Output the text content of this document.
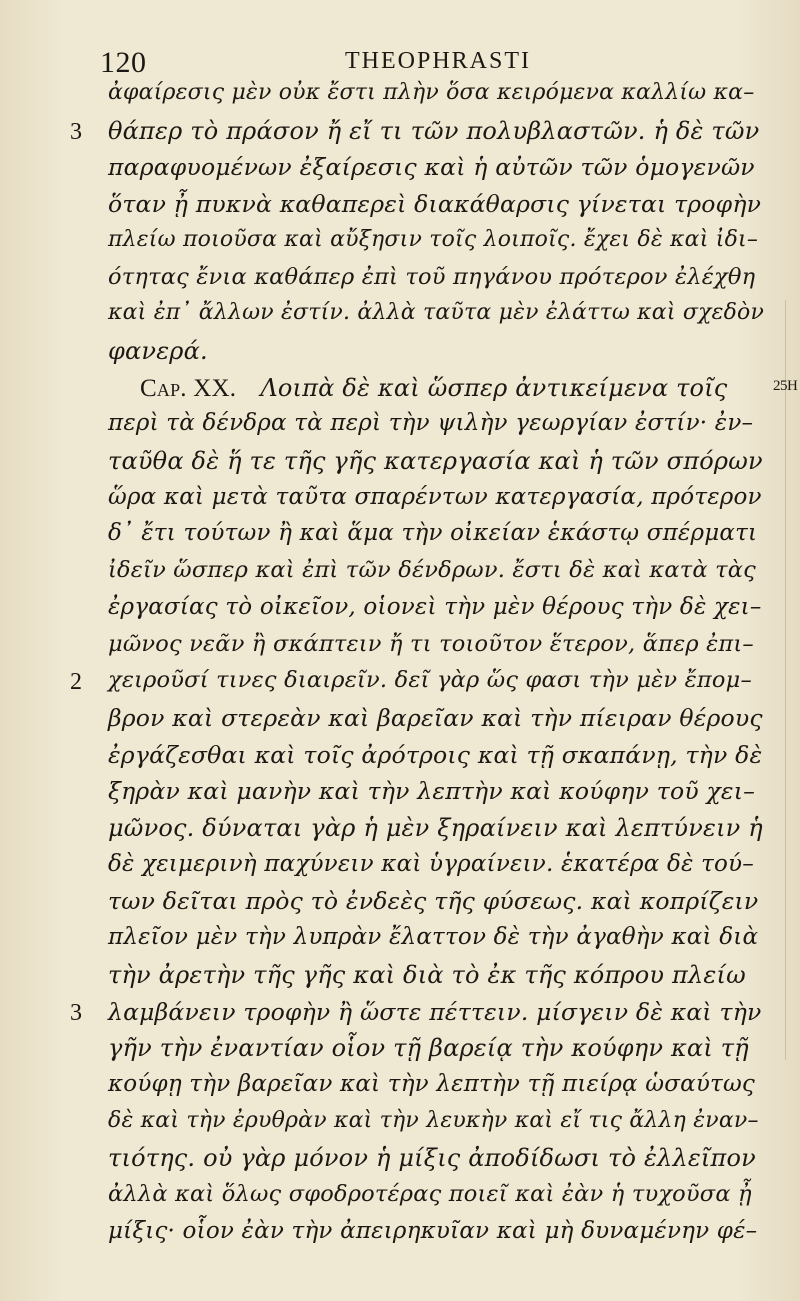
120	THEOPHRASTI
ἀφαίρεσις μὲν οὐκ ἔστι πλὴν ὅσα κειρόμενα καλλίω κα–
3 θάπερ τὸ πράσον ἤ εἴ τι τῶν πολυβλαστῶν. ἡ δὲ τῶν
παραφυομένων ἐξαίρεσις καὶ ἡ αὐτῶν τῶν ὁμογενῶν
ὅταν ᾖ πυκνὰ καθαπερεὶ διακάθαρσις γίνεται τροφὴν
πλείω ποιοῦσα καὶ αὔξησιν τοῖς λοιποῖς. ἔχει δὲ καὶ ἰδι–
ότητας ἔνια καθάπερ ἐπὶ τοῦ πηγάνου πρότερον ἐλέχθη
καὶ ἐπ᾿ ἄλλων ἐστίν. ἀλλὰ ταῦτα μὲν ἐλάττω καὶ σχεδὸν
φανερά.
Cap. XX.  Λοιπὰ δὲ καὶ ὥσπερ ἀντικείμενα τοῖς	25H
περὶ τὰ δένδρα τὰ περὶ τὴν ψιλὴν γεωργίαν ἐστίν· ἐν–
ταῦθα δὲ ἥ τε τῆς γῆς κατεργασία καὶ ἡ τῶν σπόρων
ὥρα καὶ μετὰ ταῦτα σπαρέντων κατεργασία, πρότερον
δ᾿ ἔτι τούτων ἢ καὶ ἅμα τὴν οἰκείαν ἑκάστῳ σπέρματι
ἰδεῖν ὥσπερ καὶ ἐπὶ τῶν δένδρων. ἔστι δὲ καὶ κατὰ τὰς
ἐργασίας τὸ οἰκεῖον, οἱονεὶ τὴν μὲν θέρους τὴν δὲ χει–
μῶνος νεᾶν ἢ σκάπτειν ἤ τι τοιοῦτον ἕτερον, ἅπερ ἐπι–
2 χειροῦσί τινες διαιρεῖν. δεῖ γὰρ ὥς φασι τὴν μὲν ἔπομ–
βρον καὶ στερεὰν καὶ βαρεῖαν καὶ τὴν πίειραν θέρους
ἐργάζεσθαι καὶ τοῖς ἀρότροις καὶ τῇ σκαπάνῃ, τὴν δὲ
ξηρὰν καὶ μανὴν καὶ τὴν λεπτὴν καὶ κούφην τοῦ χει–
μῶνος. δύναται γὰρ ἡ μὲν ξηραίνειν καὶ λεπτύνειν ἡ
δὲ χειμερινὴ παχύνειν καὶ ὑγραίνειν. ἑκατέρα δὲ τού–
των δεῖται πρὸς τὸ ἐνδεὲς τῆς φύσεως. καὶ κοπρίζειν
πλεῖον μὲν τὴν λυπρὰν ἔλαττον δὲ τὴν ἀγαθὴν καὶ διὰ
τὴν ἀρετὴν τῆς γῆς καὶ διὰ τὸ ἐκ τῆς κόπρου πλείω
3 λαμβάνειν τροφὴν ἢ ὥστε πέττειν. μίσγειν δὲ καὶ τὴν
γῆν τὴν ἐναντίαν οἷον τῇ βαρείᾳ τὴν κούφην καὶ τῇ
κούφῃ τὴν βαρεῖαν καὶ τὴν λεπτὴν τῇ πιείρᾳ ὡσαύτως
δὲ καὶ τὴν ἐρυθρὰν καὶ τὴν λευκὴν καὶ εἴ τις ἄλλη ἐναν–
τιότης. οὐ γὰρ μόνον ἡ μίξις ἀποδίδωσι τὸ ἐλλεῖπον
ἀλλὰ καὶ ὅλως σφοδροτέρας ποιεῖ καὶ ἐὰν ἡ τυχοῦσα ᾖ
μίξις· οἷον ἐὰν τὴν ἀπειρηκυῖαν καὶ μὴ δυναμένην φέ–
